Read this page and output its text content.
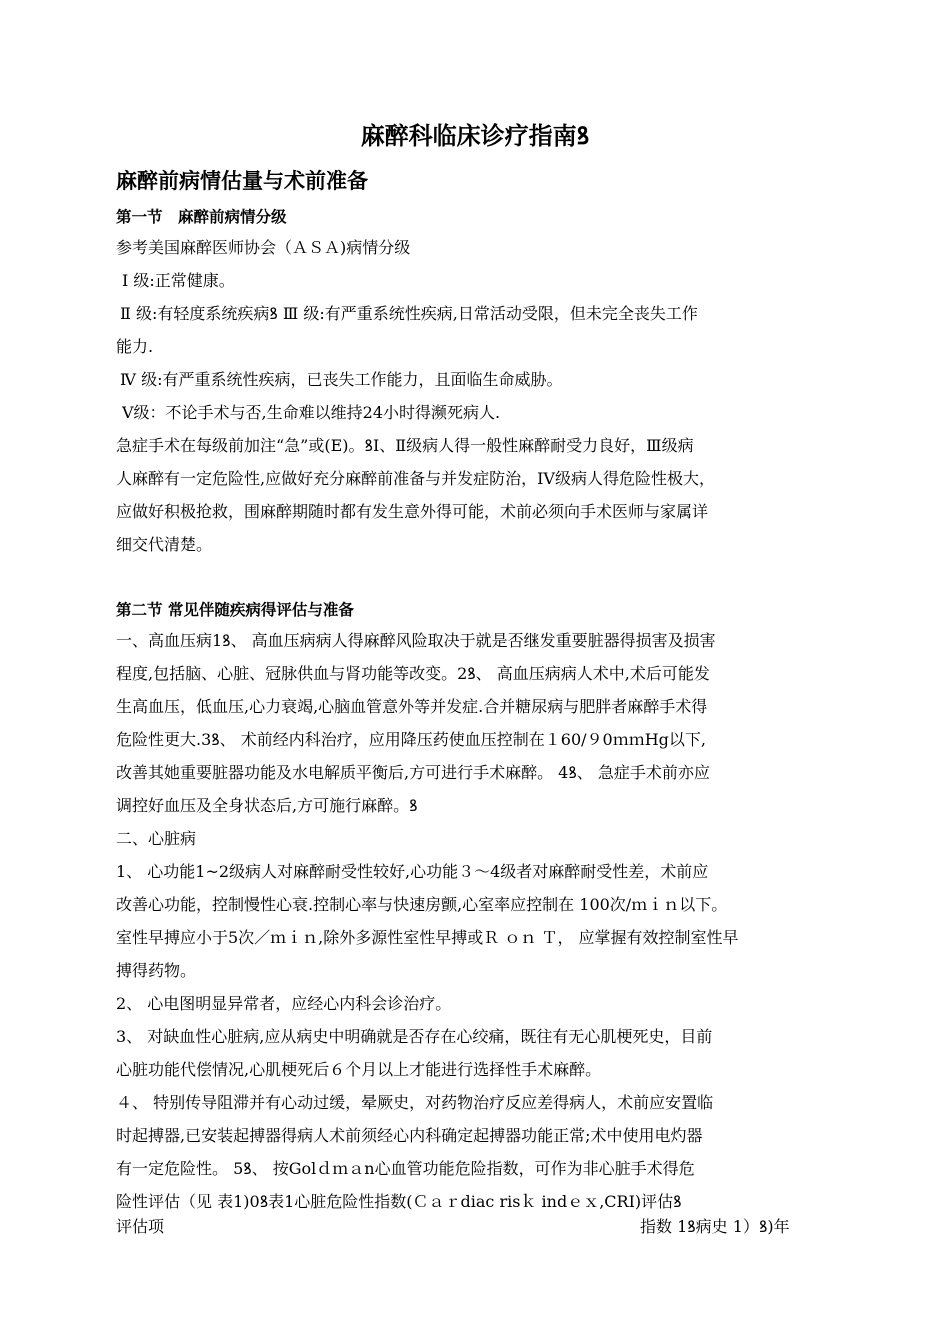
麻醉科临床诊疗指南ꝸ
麻醉前病情估量与术前准备
第一节　麻醉前病情分级
参考美国麻醉医师协会（ＡＳＡ)病情分级
Ⅰ 级:正常健康。
Ⅱ 级:有轻度系统疾病ꝸ Ⅲ 级:有严重系统性疾病,日常活动受限，但未完全丧失工作
能力.
Ⅳ 级:有严重系统性疾病，已丧失工作能力，且面临生命威胁。
Ⅴ级：不论手术与否,生命难以维持24小时得濒死病人.
急症手术在每级前加注“急”或(E)。ꝸI、Ⅱ级病人得一般性麻醉耐受力良好，Ⅲ级病
人麻醉有一定危险性,应做好充分麻醉前准备与并发症防治，ⅠⅤ级病人得危险性极大，
应做好积极抢救，围麻醉期随时都有发生意外得可能，术前必须向手术医师与家属详
细交代清楚。
第二节 常见伴随疾病得评估与准备
一、高血压病1ꝸ、 高血压病病人得麻醉风险取决于就是否继发重要脏器得损害及损害
程度,包括脑、心脏、冠脉供血与肾功能等改变。2ꝸ、 高血压病病人术中,术后可能发
生高血压，低血压,心力衰竭,心脑血管意外等并发症.合并糖尿病与肥胖者麻醉手术得
危险性更大.3ꝸ、 术前经内科治疗，应用降压药使血压控制在１60/９0ｍｍHg以下,
改善其她重要脏器功能及水电解质平衡后,方可进行手术麻醉。 4ꝸ、 急症手术前亦应
调控好血压及全身状态后,方可施行麻醉。ꝸ
二、心脏病
1、 心功能1~2级病人对麻醉耐受性较好,心功能３～4级者对麻醉耐受性差，术前应
改善心功能，控制慢性心衰.控制心率与快速房颤,心室率应控制在 100次/ｍｉｎ以下。
室性早搏应小于5次／ｍｉｎ,除外多源性室性早搏或Ｒ ｏｎ Ｔ， 应掌握有效控制室性早
搏得药物。
2、 心电图明显异常者，应经心内科会诊治疗。
3、 对缺血性心脏病,应从病史中明确就是否存在心绞痛，既往有无心肌梗死史，目前
心脏功能代偿情况,心肌梗死后６个月以上才能进行选择性手术麻醉。
４、 特别传导阻滞并有心动过缓，晕厥史，对药物治疗反应差得病人，术前应安置临
时起搏器,已安装起搏器得病人术前须经心内科确定起搏器功能正常;术中使用电灼器
有一定危险性。 5ꝸ、 按Golｄｍａn心血管功能危险指数，可作为非心脏手术得危
险性评估（见 表1)0ꝸ表1心脏危险性指数(Ｃａｒdiac risｋ indｅｘ,CRI)评估ꝸ
评估项	指数 1ꝸ病史 1）ꝸ)年
